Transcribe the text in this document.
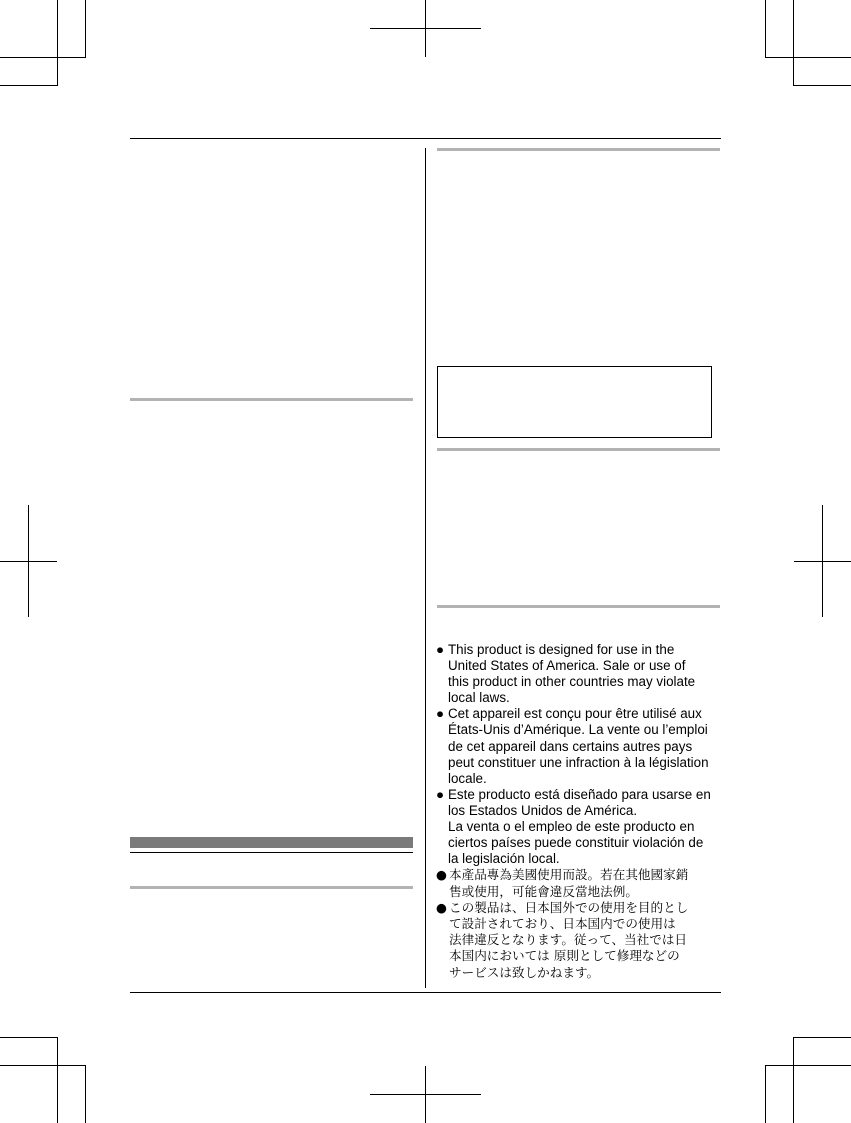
● This product is designed for use in the
United States of America. Sale or use of
this product in other countries may violate
local laws.
● Cet appareil est conçu pour être utilisé aux
États-Unis d’Amérique. La vente ou l’emploi
de cet appareil dans certains autres pays
peut constituer une infraction à la législation
locale.
● Este producto está diseñado para usarse en
los Estados Unidos de América.
La venta o el empleo de este producto en
ciertos países puede constituir violación de
la legislación local.
● 本產品專為美國使用而設。若在其他國家銷
售或使用，可能會違反當地法例。
● この製品は、日本国外での使用を目的とし
て設計されており、日本国内での使用は
法律違反となります。従って、当社では日
本国内においては 原則として修理などの
サービスは致しかねます。
